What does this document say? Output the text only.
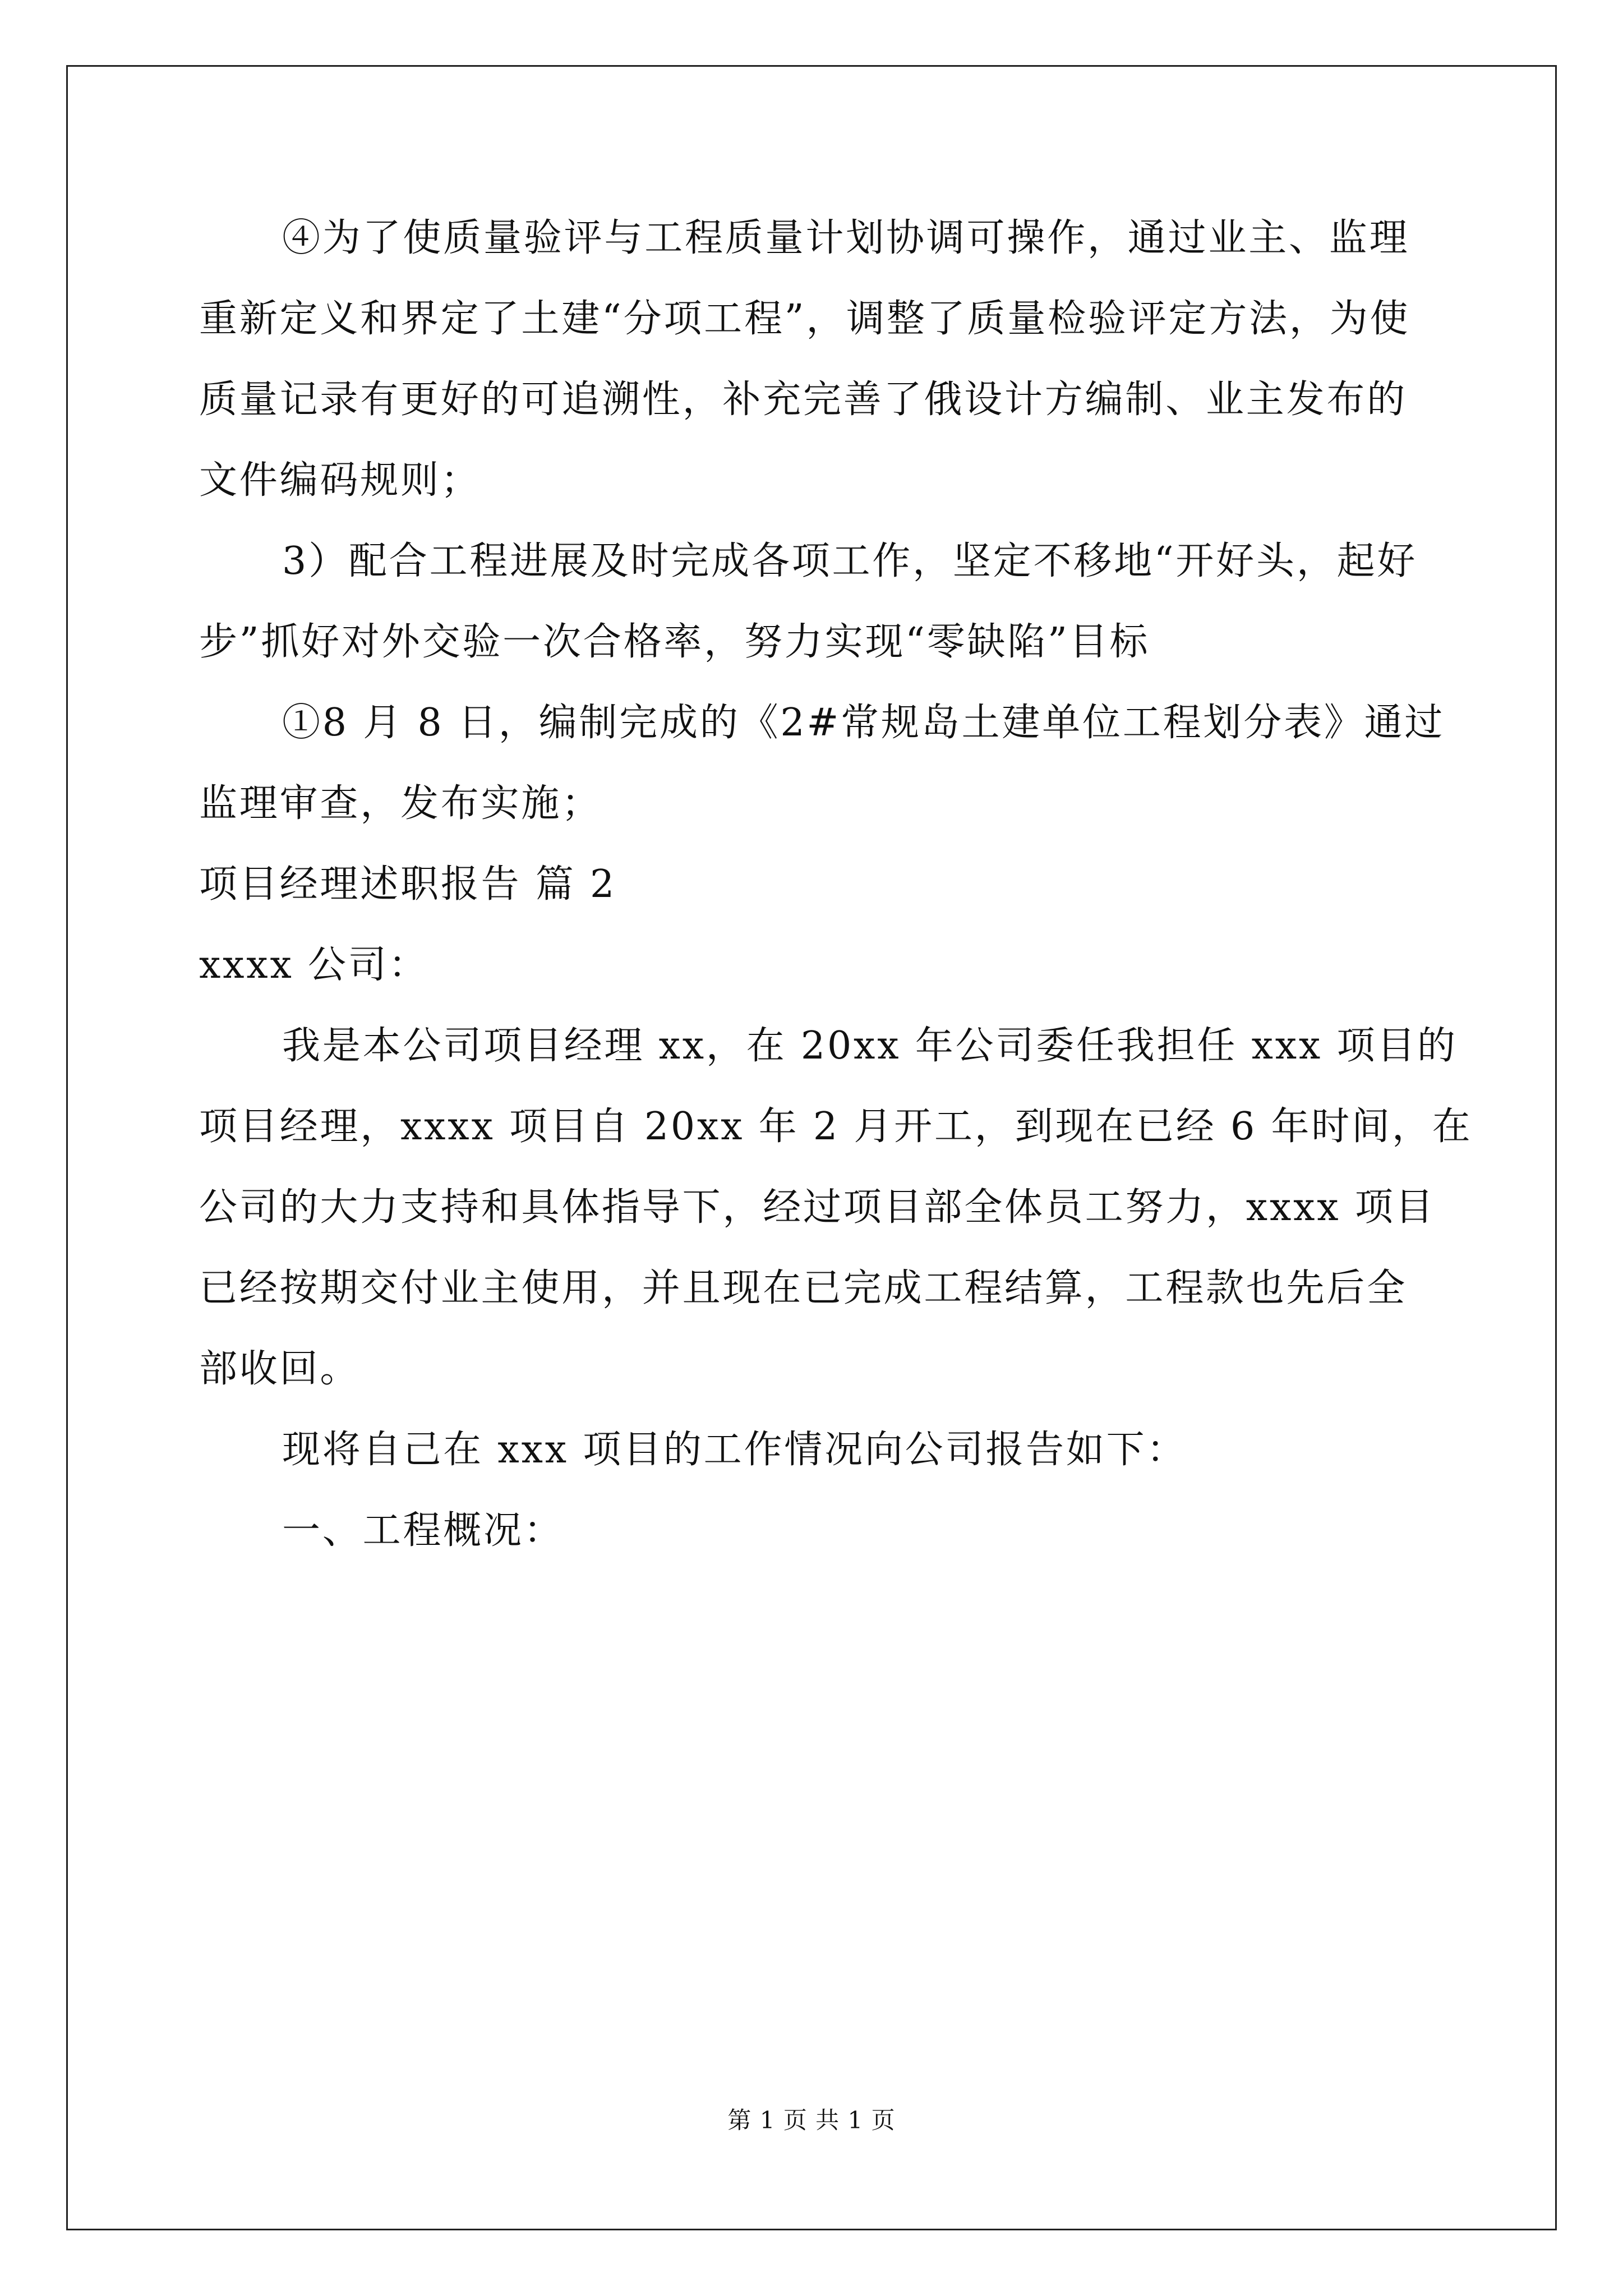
④为了使质量验评与工程质量计划协调可操作，通过业主、监理
重新定义和界定了土建“分项工程”，调整了质量检验评定方法，为使
质量记录有更好的可追溯性，补充完善了俄设计方编制、业主发布的
文件编码规则；
3）配合工程进展及时完成各项工作，坚定不移地“开好头，起好
步”抓好对外交验一次合格率，努力实现“零缺陷”目标
①8 月 8 日，编制完成的《2#常规岛土建单位工程划分表》通过
监理审查，发布实施；
项目经理述职报告 篇 2
xxxx 公司：
我是本公司项目经理 xx，在 20xx 年公司委任我担任 xxx 项目的
项目经理，xxxx 项目自 20xx 年 2 月开工，到现在已经 6 年时间，在
公司的大力支持和具体指导下，经过项目部全体员工努力，xxxx 项目
已经按期交付业主使用，并且现在已完成工程结算，工程款也先后全
部收回。
现将自己在 xxx 项目的工作情况向公司报告如下：
一、工程概况：
第 1 页 共 1 页
